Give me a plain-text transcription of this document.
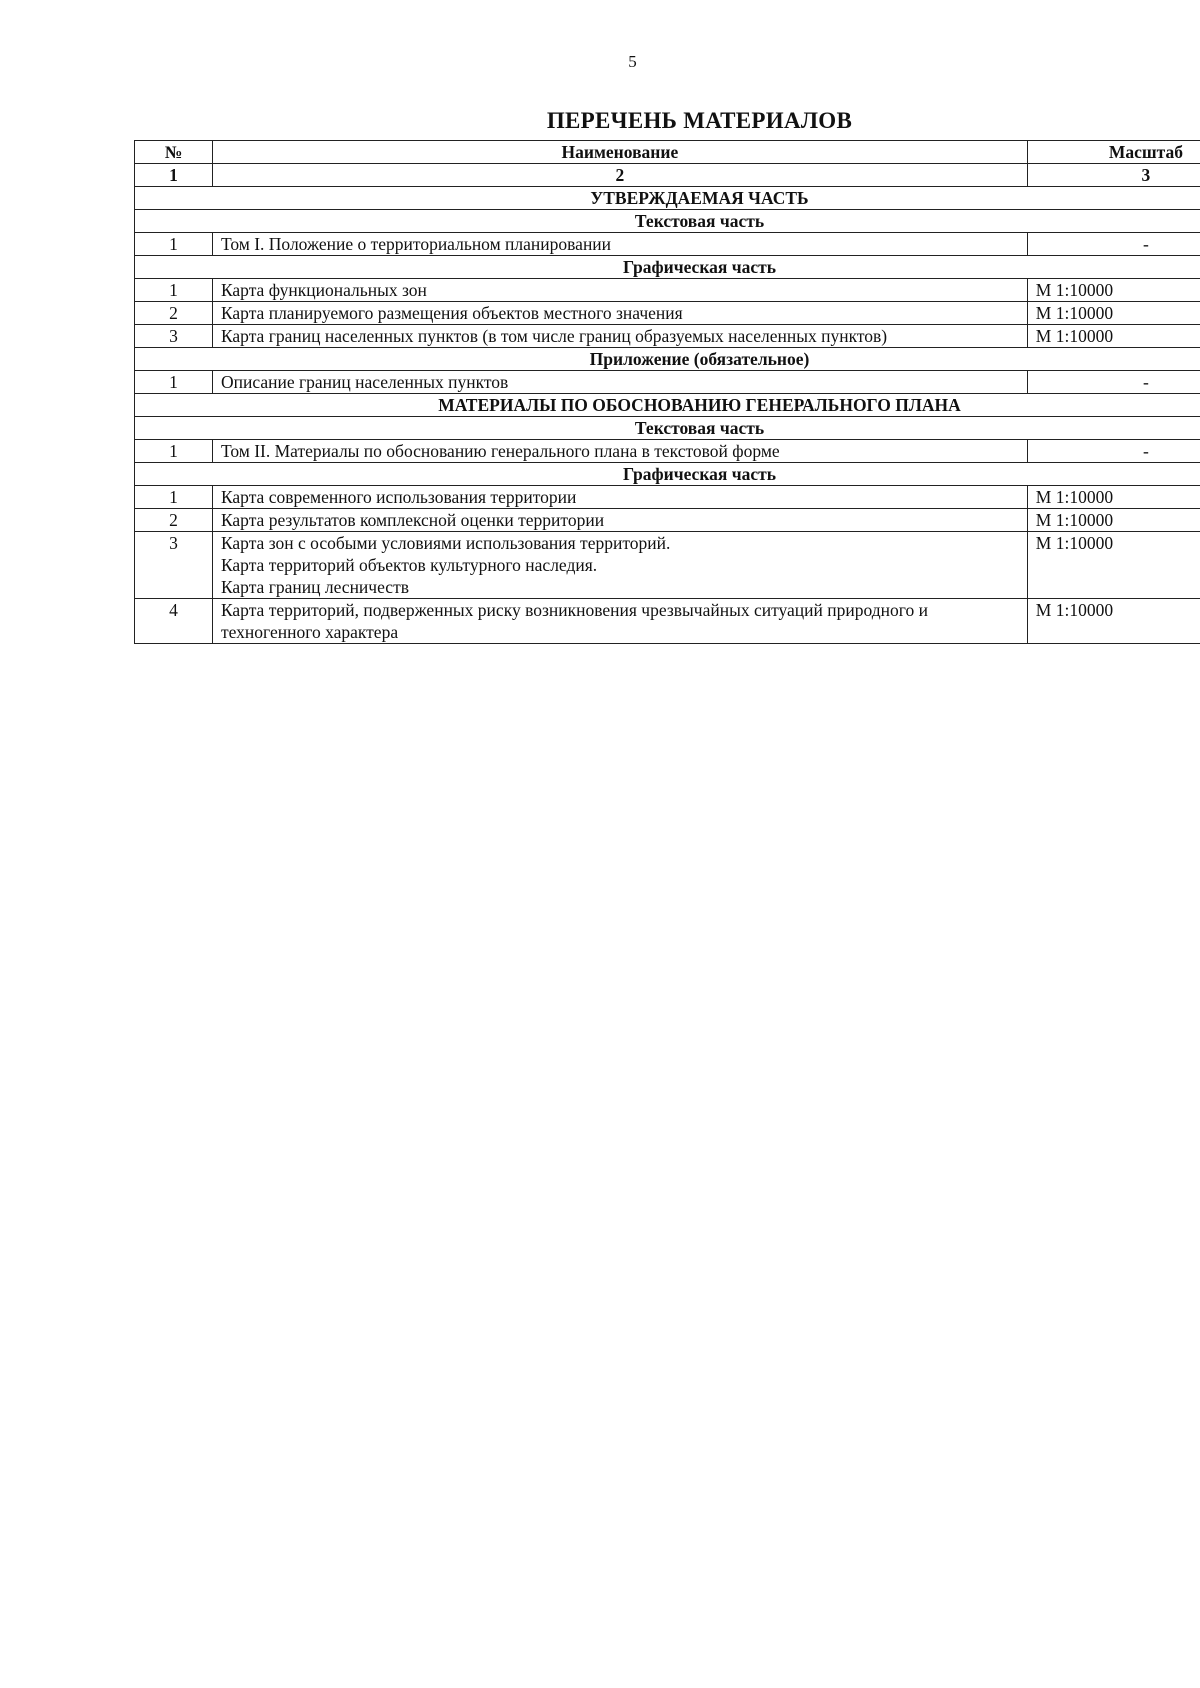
5
ПЕРЕЧЕНЬ МАТЕРИАЛОВ
№	Наименование	Масштаб
1	2	3
УТВЕРЖДАЕМАЯ ЧАСТЬ		
Текстовая часть		
1	Том I. Положение о территориальном планировании	-
Графическая часть		
1	Карта функциональных зон	М 1:10000
2	Карта планируемого размещения объектов местного значения	М 1:10000
3	Карта границ населенных пунктов (в том числе границ образуемых населенных пунктов)	М 1:10000
Приложение (обязательное)		
1	Описание границ населенных пунктов	-
МАТЕРИАЛЫ ПО ОБОСНОВАНИЮ ГЕНЕРАЛЬНОГО ПЛАНА		
Текстовая часть		
1	Том II. Материалы по обоснованию генерального плана в текстовой форме	-
Графическая часть		
1	Карта современного использования территории	М 1:10000
2	Карта результатов комплексной оценки территории	М 1:10000
3	Карта зон с особыми условиями использования территорий.
Карта территорий объектов культурного наследия.
Карта границ лесничеств	М 1:10000
4	Карта территорий, подверженных риску возникновения чрезвычайных ситуаций природного и техногенного характера	М 1:10000
